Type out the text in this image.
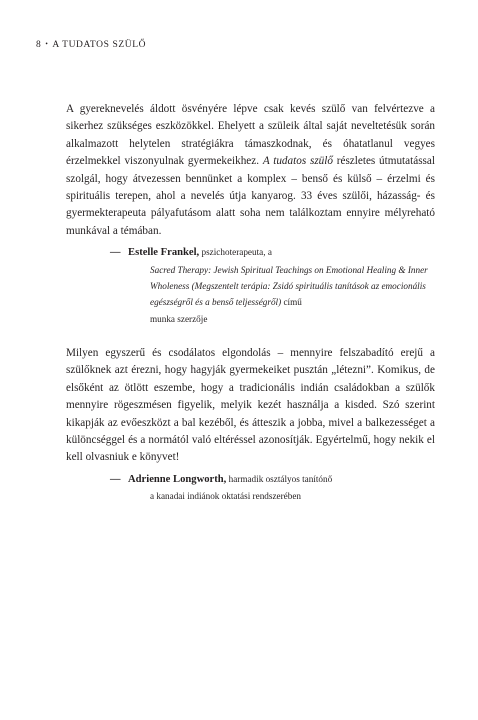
8 • A TUDATOS SZÜLŐ

A gyereknevelés áldott ösvényére lépve csak kevés szülő van felvértezve a sikerhez szükséges eszközökkel. Ehelyett a szüleik által saját neveltetésük során alkalmazott helytelen stratégiákra támaszkodnak, és óhatatlanul vegyes érzelmekkel viszonyulnak gyermekeikhez. A tudatos szülő részletes útmutatással szolgál, hogy átvezessen bennünket a komplex – benső és külső – érzelmi és spirituális terepen, ahol a nevelés útja kanyarog. 33 éves szülői, házasság- és gyermekterapeuta pályafutásom alatt soha nem találkoztam ennyire mélyreható munkával a témában.

— Estelle Frankel, pszichoterapeuta, a
Sacred Therapy: Jewish Spiritual Teachings on Emotional Healing & Inner Wholeness (Megszentelt terápia: Zsidó spirituális tanítások az emocionális egészségről és a benső teljességről) című
munka szerzője

Milyen egyszerű és csodálatos elgondolás – mennyire felszabadító erejű a szülőknek azt érezni, hogy hagyják gyermekeiket pusztán „létezni”. Komikus, de elsőként az ötlött eszembe, hogy a tradicionális indián családokban a szülők mennyire rögeszmésen figyelik, melyik kezét használja a kisded. Szó szerint kikapják az evőeszközt a bal kezéből, és átteszik a jobba, mivel a balkezességet a különcséggel és a normától való eltéréssel azonosítják. Egyértelmű, hogy nekik el kell olvasniuk e könyvet!

— Adrienne Longworth, harmadik osztályos tanítónő
a kanadai indiánok oktatási rendszerében
